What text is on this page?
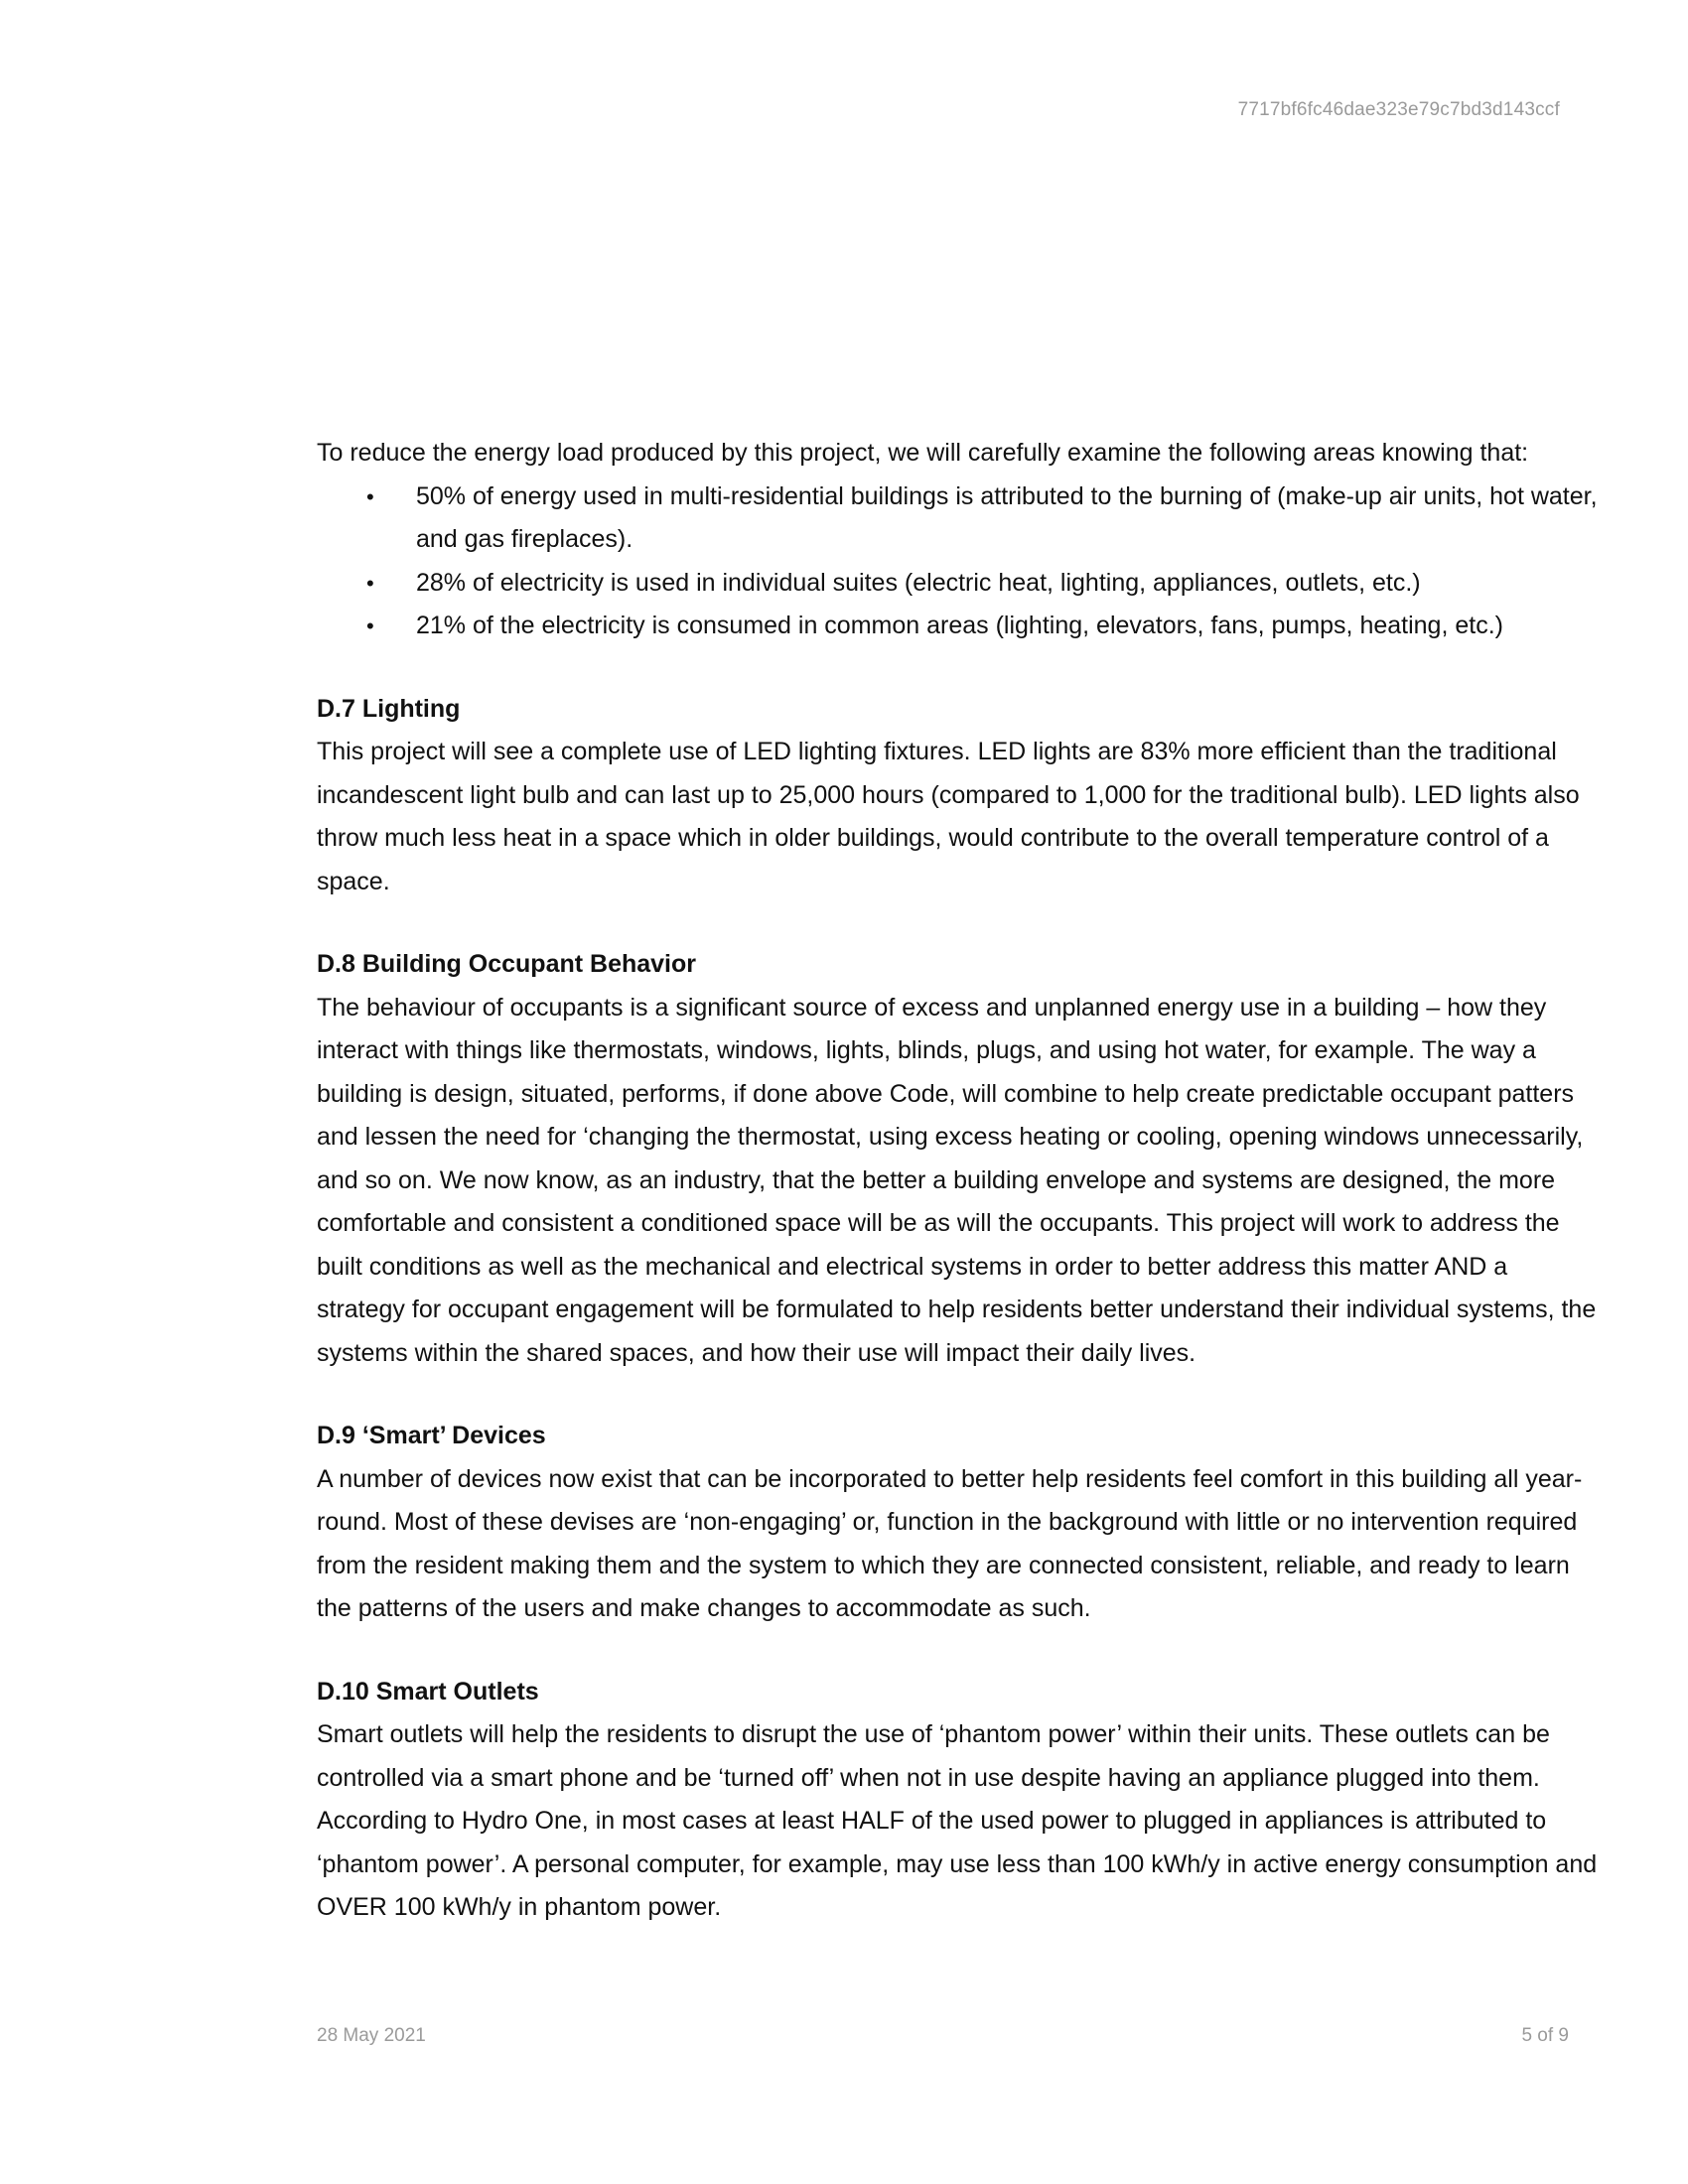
7717bf6fc46dae323e79c7bd3d143ccf

To reduce the energy load produced by this project, we will carefully examine the following areas knowing that:

• 50% of energy used in multi-residential buildings is attributed to the burning of (make-up air units, hot water, and gas fireplaces).
• 28% of electricity is used in individual suites (electric heat, lighting, appliances, outlets, etc.)
• 21% of the electricity is consumed in common areas (lighting, elevators, fans, pumps, heating, etc.)

D.7 Lighting

This project will see a complete use of LED lighting fixtures. LED lights are 83% more efficient than the traditional incandescent light bulb and can last up to 25,000 hours (compared to 1,000 for the traditional bulb). LED lights also throw much less heat in a space which in older buildings, would contribute to the overall temperature control of a space.

D.8 Building Occupant Behavior

The behaviour of occupants is a significant source of excess and unplanned energy use in a building – how they interact with things like thermostats, windows, lights, blinds, plugs, and using hot water, for example. The way a building is design, situated, performs, if done above Code, will combine to help create predictable occupant patters and lessen the need for ‘changing the thermostat, using excess heating or cooling, opening windows unnecessarily, and so on. We now know, as an industry, that the better a building envelope and systems are designed, the more comfortable and consistent a conditioned space will be as will the occupants. This project will work to address the built conditions as well as the mechanical and electrical systems in order to better address this matter AND a strategy for occupant engagement will be formulated to help residents better understand their individual systems, the systems within the shared spaces, and how their use will impact their daily lives.

D.9 ‘Smart’ Devices

A number of devices now exist that can be incorporated to better help residents feel comfort in this building all year-round. Most of these devises are ‘non-engaging’ or, function in the background with little or no intervention required from the resident making them and the system to which they are connected consistent, reliable, and ready to learn the patterns of the users and make changes to accommodate as such.

D.10 Smart Outlets

Smart outlets will help the residents to disrupt the use of ‘phantom power’ within their units. These outlets can be controlled via a smart phone and be ‘turned off’ when not in use despite having an appliance plugged into them. According to Hydro One, in most cases at least HALF of the used power to plugged in appliances is attributed to ‘phantom power’. A personal computer, for example, may use less than 100 kWh/y in active energy consumption and OVER 100 kWh/y in phantom power.

28 May 2021	5 of 9
